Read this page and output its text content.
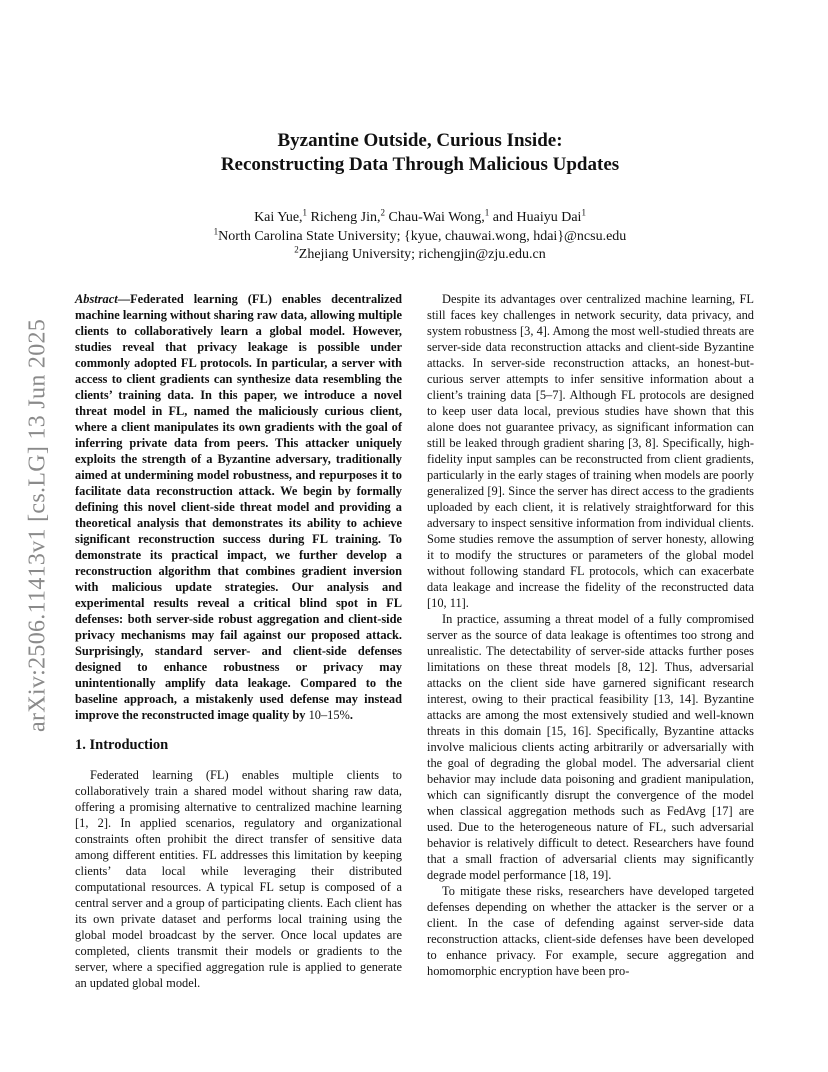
arXiv:2506.11413v1 [cs.LG] 13 Jun 2025
Byzantine Outside, Curious Inside:
Reconstructing Data Through Malicious Updates
Kai Yue,$^1$ Richeng Jin,$^2$ Chau-Wai Wong,$^1$ and Huaiyu Dai$^1$
$^1$North Carolina State University; {kyue, chauwai.wong, hdai}@ncsu.edu
$^2$Zhejiang University; richengjin@zju.edu.cn

Abstract—Federated learning (FL) enables decentralized machine learning without sharing raw data, allowing multiple clients to collaboratively learn a global model. However, studies reveal that privacy leakage is possible under commonly adopted FL protocols. In particular, a server with access to client gradients can synthesize data resembling the clients’ training data. In this paper, we introduce a novel threat model in FL, named the maliciously curious client, where a client manipulates its own gradients with the goal of inferring private data from peers. This attacker uniquely exploits the strength of a Byzantine adversary, traditionally aimed at undermining model robustness, and repurposes it to facilitate data reconstruction attack. We begin by formally defining this novel client-side threat model and providing a theoretical analysis that demonstrates its ability to achieve significant reconstruction success during FL training. To demonstrate its practical impact, we further develop a reconstruction algorithm that combines gradient inversion with malicious update strategies. Our analysis and experimental results reveal a critical blind spot in FL defenses: both server-side robust aggregation and client-side privacy mechanisms may fail against our proposed attack. Surprisingly, standard server- and client-side defenses designed to enhance robustness or privacy may unintentionally amplify data leakage. Compared to the baseline approach, a mistakenly used defense may instead improve the reconstructed image quality by 10–15%.

1. Introduction

Federated learning (FL) enables multiple clients to collaboratively train a shared model without sharing raw data, offering a promising alternative to centralized machine learning [1, 2]. In applied scenarios, regulatory and organizational constraints often prohibit the direct transfer of sensitive data among different entities. FL addresses this limitation by keeping clients’ data local while leveraging their distributed computational resources. A typical FL setup is composed of a central server and a group of participating clients. Each client has its own private dataset and performs local training using the global model broadcast by the server. Once local updates are completed, clients transmit their models or gradients to the server, where a specified aggregation rule is applied to generate an updated global model.

Despite its advantages over centralized machine learning, FL still faces key challenges in network security, data privacy, and system robustness [3, 4]. Among the most well-studied threats are server-side data reconstruction attacks and client-side Byzantine attacks. In server-side reconstruction attacks, an honest-but-curious server attempts to infer sensitive information about a client’s training data [5–7]. Although FL protocols are designed to keep user data local, previous studies have shown that this alone does not guarantee privacy, as significant information can still be leaked through gradient sharing [3, 8]. Specifically, high-fidelity input samples can be reconstructed from client gradients, particularly in the early stages of training when models are poorly generalized [9]. Since the server has direct access to the gradients uploaded by each client, it is relatively straightforward for this adversary to inspect sensitive information from individual clients. Some studies remove the assumption of server honesty, allowing it to modify the structures or parameters of the global model without following standard FL protocols, which can exacerbate data leakage and increase the fidelity of the reconstructed data [10, 11].

In practice, assuming a threat model of a fully compromised server as the source of data leakage is oftentimes too strong and unrealistic. The detectability of server-side attacks further poses limitations on these threat models [8, 12]. Thus, adversarial attacks on the client side have garnered significant research interest, owing to their practical feasibility [13, 14]. Byzantine attacks are among the most extensively studied and well-known threats in this domain [15, 16]. Specifically, Byzantine attacks involve malicious clients acting arbitrarily or adversarially with the goal of degrading the global model. The adversarial client behavior may include data poisoning and gradient manipulation, which can significantly disrupt the convergence of the model when classical aggregation methods such as FedAvg [17] are used. Due to the heterogeneous nature of FL, such adversarial behavior is relatively difficult to detect. Researchers have found that a small fraction of adversarial clients may significantly degrade model performance [18, 19].

To mitigate these risks, researchers have developed targeted defenses depending on whether the attacker is the server or a client. In the case of defending against server-side data reconstruction attacks, client-side defenses have been developed to enhance privacy. For example, secure aggregation and homomorphic encryption have been pro-
